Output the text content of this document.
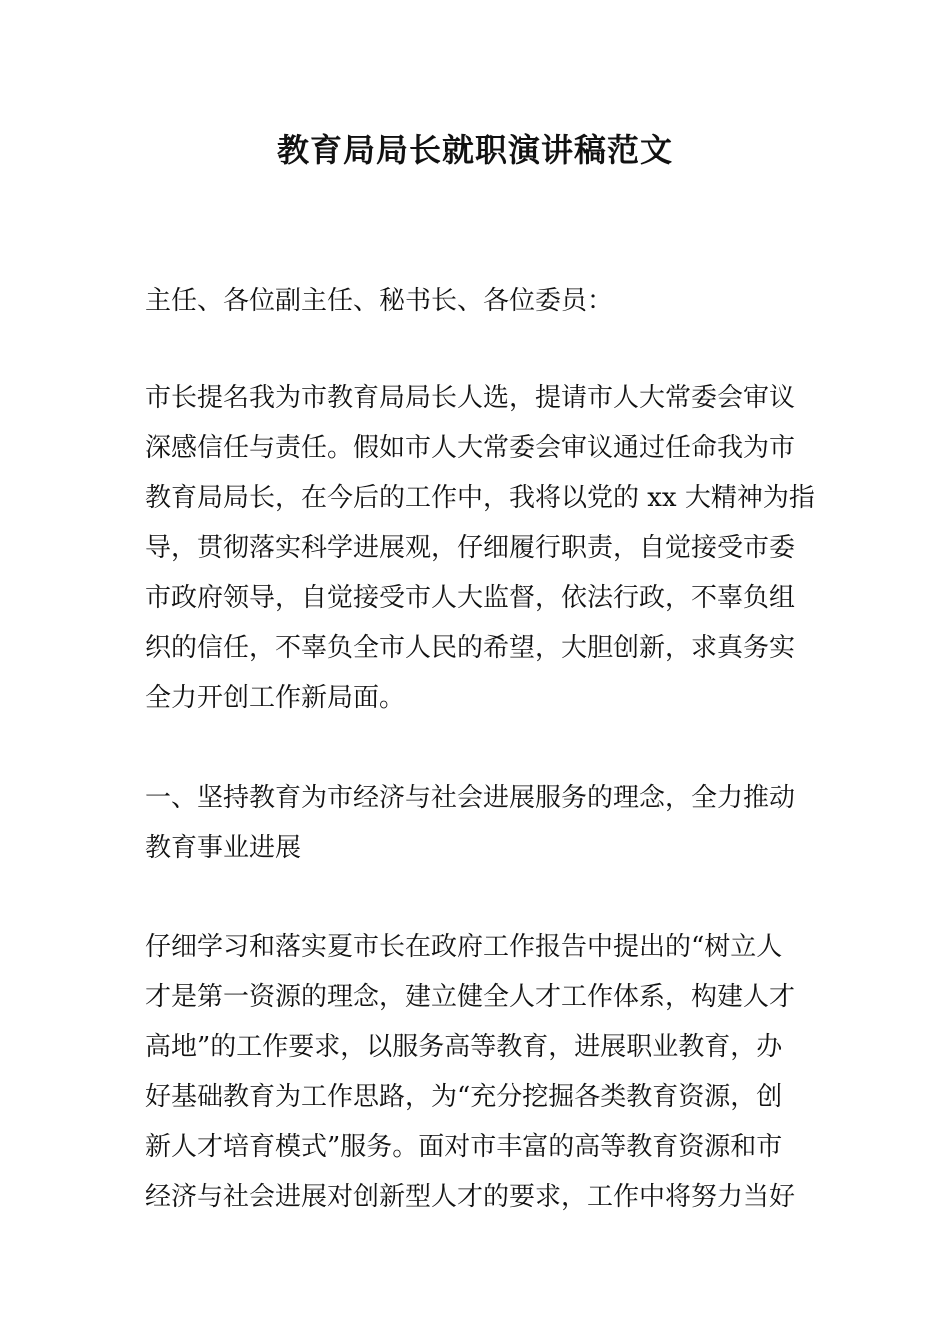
教育局局长就职演讲稿范文
主任、各位副主任、秘书长、各位委员：
市长提名我为市教育局局长人选，提请市人大常委会审议
深感信任与责任。假如市人大常委会审议通过任命我为市
教育局局长，在今后的工作中，我将以党的 xx 大精神为指
导，贯彻落实科学进展观，仔细履行职责，自觉接受市委
市政府领导，自觉接受市人大监督，依法行政，不辜负组
织的信任，不辜负全市人民的希望，大胆创新，求真务实
全力开创工作新局面。
一、坚持教育为市经济与社会进展服务的理念，全力推动
教育事业进展
仔细学习和落实夏市长在政府工作报告中提出的“树立人
才是第一资源的理念，建立健全人才工作体系，构建人才
高地”的工作要求，以服务高等教育，进展职业教育，办
好基础教育为工作思路，为“充分挖掘各类教育资源，创
新人才培育模式”服务。面对市丰富的高等教育资源和市
经济与社会进展对创新型人才的要求，工作中将努力当好
